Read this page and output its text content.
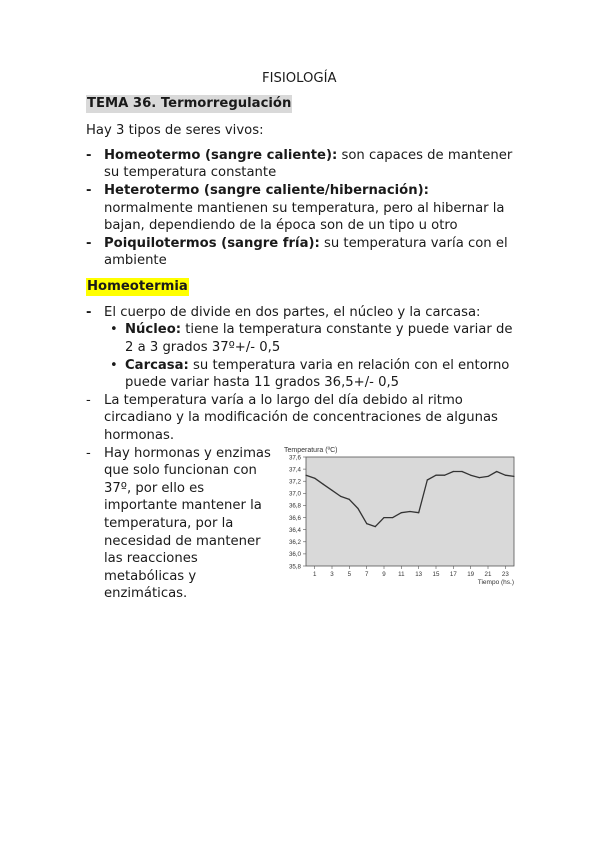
FISIOLOGÍA
TEMA 36. Termorregulación
Hay 3 tipos de seres vivos:
- Homeotermo (sangre caliente): son capaces de mantener
su temperatura constante
- Heterotermo (sangre caliente/hibernación):
normalmente mantienen su temperatura, pero al hibernar la
bajan, dependiendo de la época son de un tipo u otro
- Poiquilotermos (sangre fría): su temperatura varía con el
ambiente
Homeotermia
- El cuerpo de divide en dos partes, el núcleo y la carcasa:
• Núcleo: tiene la temperatura constante y puede variar de
2 a 3 grados 37º+/- 0,5
• Carcasa: su temperatura varia en relación con el entorno
puede variar hasta 11 grados 36,5+/- 0,5
- La temperatura varía a lo largo del día debido al ritmo
circadiano y la modificación de concentraciones de algunas
hormonas.
- Hay hormonas y enzimas
que solo funcionan con
37º, por ello es
importante mantener la
temperatura, por la
necesidad de mantener
las reacciones
metabólicas y
enzimáticas.
Temperatura (ºC)
37,6
37,4
37,2
37,0
36,8
36,6
36,4
36,2
36,0
35,8
1 3 5 7 9 11 13 15 17 19 21 23
Tiempo (hs.)
